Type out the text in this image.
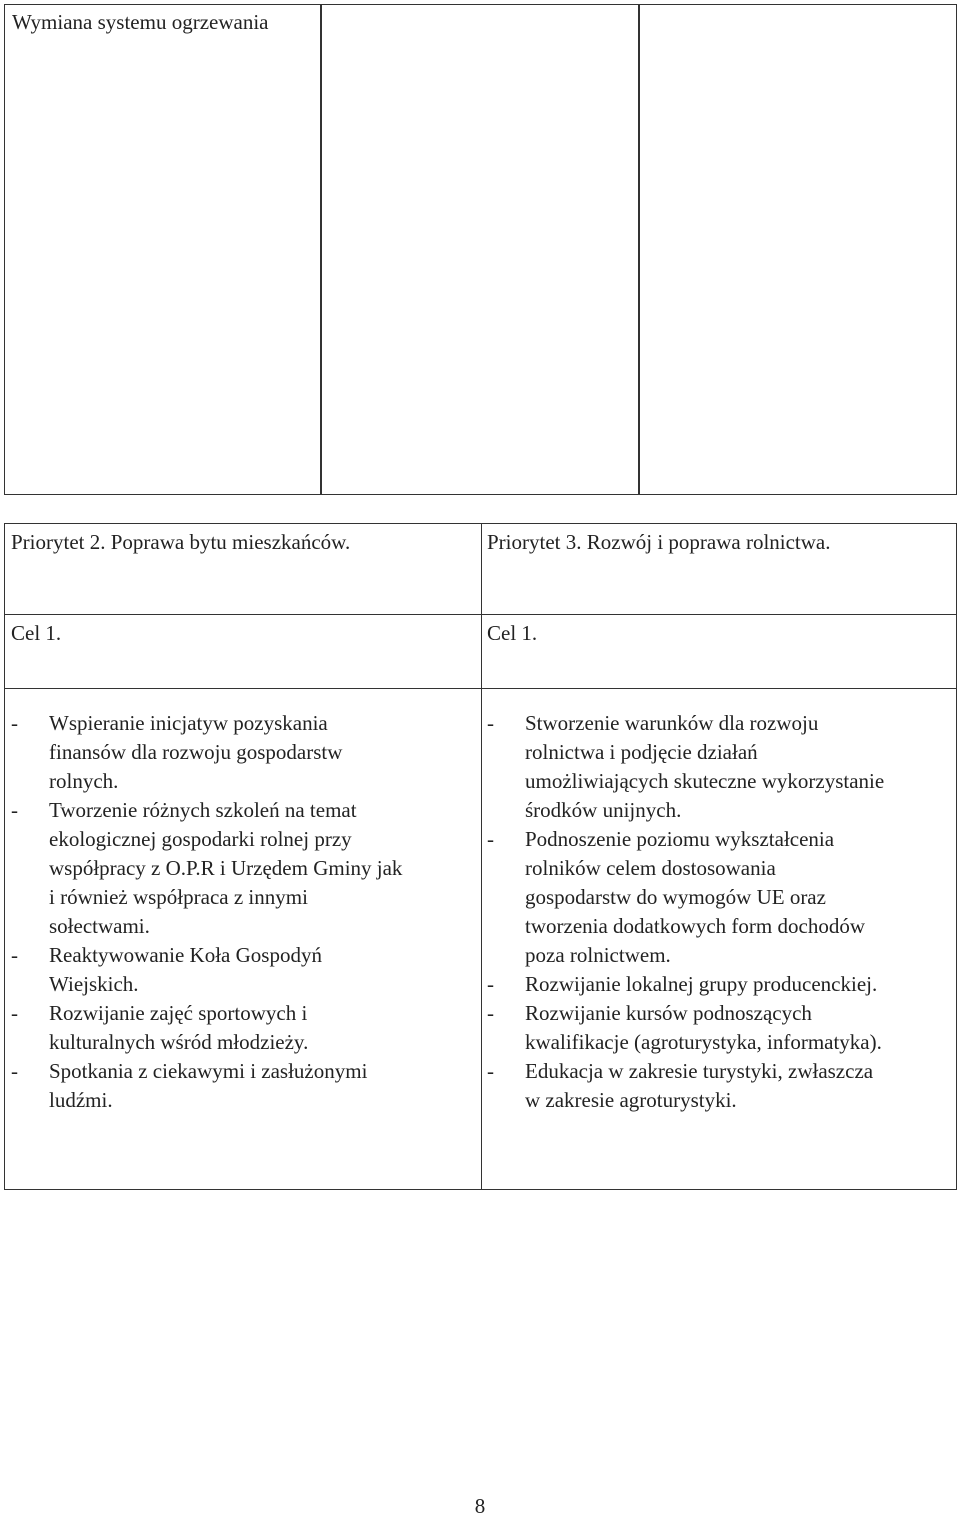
Wymiana systemu ogrzewania
Priorytet 2. Poprawa bytu mieszkańców.
Cel 1.
- Wspieranie inicjatyw pozyskania
finansów dla rozwoju gospodarstw
rolnych.
- Tworzenie różnych szkoleń na temat
ekologicznej gospodarki rolnej przy
współpracy z O.P.R i Urzędem Gminy jak
i również współpraca z innymi
sołectwami.
- Reaktywowanie Koła Gospodyń
Wiejskich.
- Rozwijanie zajęć sportowych i
kulturalnych wśród młodzieży.
- Spotkania z ciekawymi i zasłużonymi
ludźmi.
Priorytet 3. Rozwój i poprawa rolnictwa.
Cel 1.
- Stworzenie warunków dla rozwoju
rolnictwa i podjęcie działań
umożliwiających skuteczne wykorzystanie
środków unijnych.
- Podnoszenie poziomu wykształcenia
rolników celem dostosowania
gospodarstw do wymogów UE oraz
tworzenia dodatkowych form dochodów
poza rolnictwem.
- Rozwijanie lokalnej grupy producenckiej.
- Rozwijanie kursów podnoszących
kwalifikacje (agroturystyka, informatyka).
- Edukacja w zakresie turystyki, zwłaszcza
w zakresie agroturystyki.
8
